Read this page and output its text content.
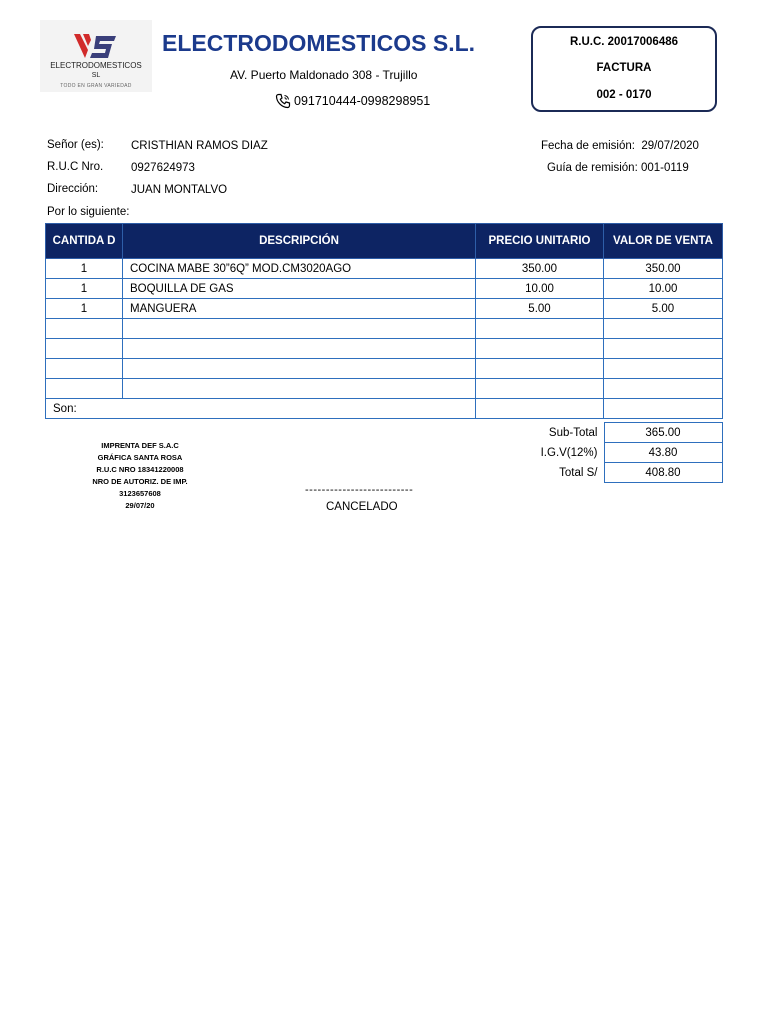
ELECTRODOMESTICOS
SL
TODO EN GRAN VARIEDAD
ELECTRODOMESTICOS S.L.
AV. Puerto Maldonado 308 - Trujillo
091710444-0998298951
R.U.C. 20017006486
FACTURA
002 - 0170
Señor (es): CRISTHIAN RAMOS DIAZ
R.U.C Nro. 0927624973
Dirección:	JUAN MONTALVO
Fecha de emisión: 29/07/2020
Guía de remisión: 001-0119
Por lo siguiente:
CANTIDA D	DESCRIPCIÓN	PRECIO UNITARIO	VALOR DE VENTA
1	COCINA MABE 30”6Q” MOD.CM3020AGO	350.00	350.00
1	BOQUILLA DE GAS	10.00	10.00
1	MANGUERA	5.00	5.00

Son:			
Sub-Total	365.00
I.G.V(12%)	43.80
Total S/	408.80
IMPRENTA DEF S.A.C
GRÁFICA SANTA ROSA
R.U.C NRO 18341220008
NRO DE AUTORIZ. DE IMP.
3123657608
29/07/20
--------------------------
CANCELADO
